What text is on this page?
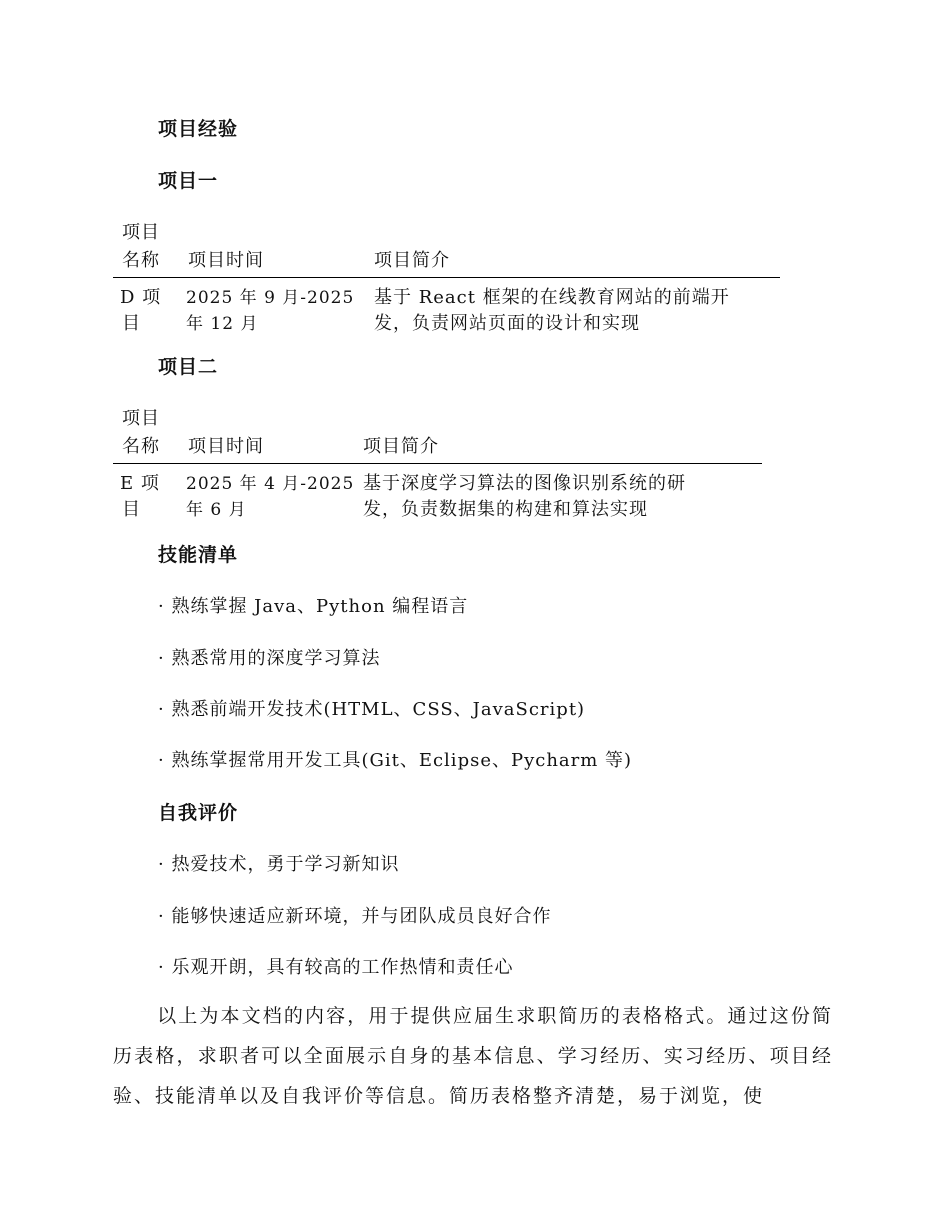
项目经验
项目一
项目
名称 项目时间	项目简介
D 项
目
2025 年 9 月-2025
年 12 月
基于 React 框架的在线教育网站的前端开
发，负责网站页面的设计和实现
项目二
项目
名称 项目时间	项目简介
E 项
目
2025 年 4 月-2025
年 6 月
基于深度学习算法的图像识别系统的研
发，负责数据集的构建和算法实现
技能清单
· 熟练掌握 Java、Python 编程语言
· 熟悉常用的深度学习算法
· 熟悉前端开发技术(HTML、CSS、JavaScript)
· 熟练掌握常用开发工具(Git、Eclipse、Pycharm 等)
自我评价
· 热爱技术，勇于学习新知识
· 能够快速适应新环境，并与团队成员良好合作
· 乐观开朗，具有较高的工作热情和责任心
以上为本文档的内容，用于提供应届生求职简历的表格格式。通过这份简历表格，求职者可以全面展示自身的基本信息、学习经历、实习经历、项目经验、技能清单以及自我评价等信息。简历表格整齐清楚，易于浏览，使
